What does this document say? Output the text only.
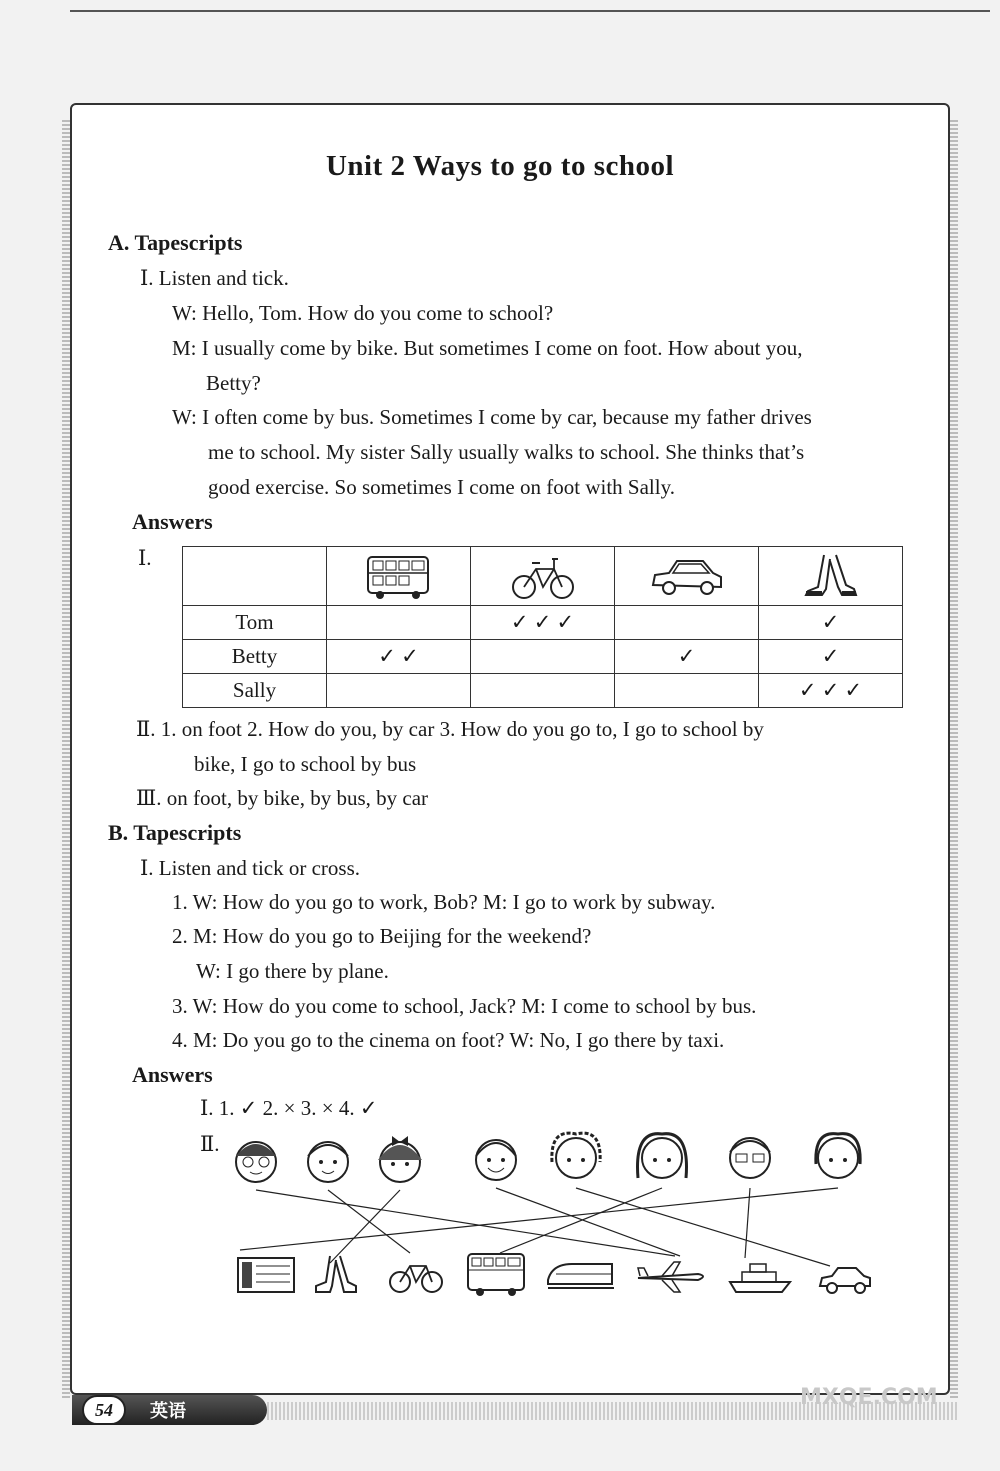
Unit 2 Ways to go to school
A. Tapescripts
Ⅰ. Listen and tick.
W: Hello, Tom. How do you come to school?
M: I usually come by bike. But sometimes I come on foot. How about you,
Betty?
W: I often come by bus. Sometimes I come by car, because my father drives
me to school. My sister Sally usually walks to school. She thinks that’s
good exercise. So sometimes I come on foot with Sally.
Answers
Ⅰ.

Tom		✓ ✓ ✓		✓
Betty	✓ ✓		✓	✓
Sally				✓ ✓ ✓
Ⅱ. 1. on foot 2. How do you, by car 3. How do you go to, I go to school by
bike, I go to school by bus
Ⅲ. on foot, by bike, by bus, by car
B. Tapescripts
Ⅰ. Listen and tick or cross.
1. W: How do you go to work, Bob? M: I go to work by subway.
2. M: How do you go to Beijing for the weekend?
W: I go there by plane.
3. W: How do you come to school, Jack? M: I come to school by bus.
4. M: Do you go to the cinema on foot? W: No, I go there by taxi.
Answers
Ⅰ. 1. ✓ 2. × 3. × 4. ✓
Ⅱ.
54	英语
MXQE.COM
